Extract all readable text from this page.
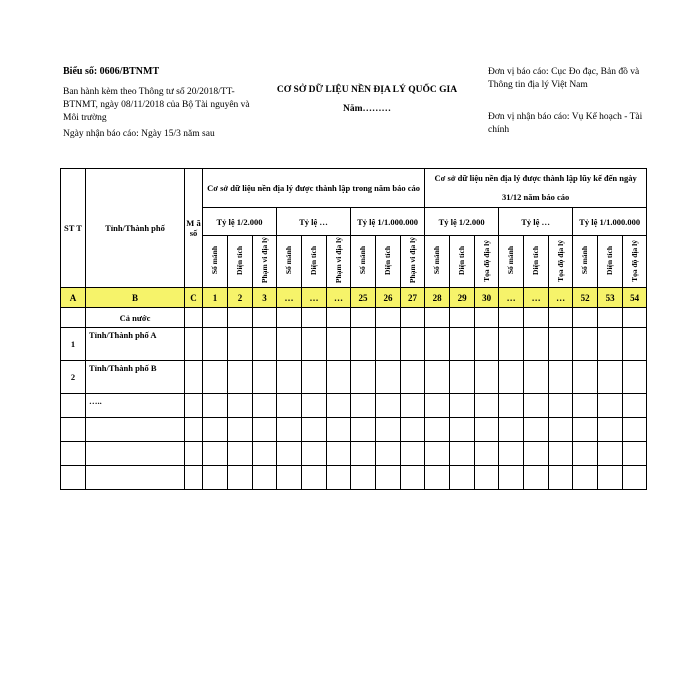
Biểu số: 0606/BTNMT
Ban hành kèm theo Thông tư số 20/2018/TT-BTNMT, ngày 08/11/2018 của Bộ Tài nguyên và Môi trường
Ngày nhận báo cáo: Ngày 15/3 năm sau
CƠ SỞ DỮ LIỆU NỀN ĐỊA LÝ QUỐC GIA
Năm………
Đơn vị báo cáo: Cục Đo đạc, Bản đồ và Thông tin địa lý Việt Nam
Đơn vị nhận báo cáo: Vụ Kế hoạch - Tài chính
ST T	Tỉnh/Thành phố	M ã số	Cơ sở dữ liệu nền địa lý được thành lập trong năm báo cáo									Cơ sở dữ liệu nền địa lý được thành lập lũy kế đến ngày 31/12 năm báo cáo								

			Tỷ lệ 1/2.000			Tỷ lệ …			Tỷ lệ 1/1.000.000			Tỷ lệ 1/2.000			Tỷ lệ …			Tỷ lệ 1/1.000.000		
			Số mảnh	Diện tích	Phạm vi địa lý	Số mảnh	Diện tích	Phạm vi địa lý	Số mảnh	Diện tích	Phạm vi địa lý	Số mảnh	Diện tích	Tọa độ địa lý	Số mảnh	Diện tích	Tọa độ địa lý	Số mảnh	Diện tích	Tọa độ địa lý
A	B	C	1	2	3	…	…	…	25	26	27	28	29	30	…	…	…	52	53	54
	Cả nước																			
1	Tỉnh/Thành phố A																			
2	Tỉnh/Thành phố B																			
	…..																			
